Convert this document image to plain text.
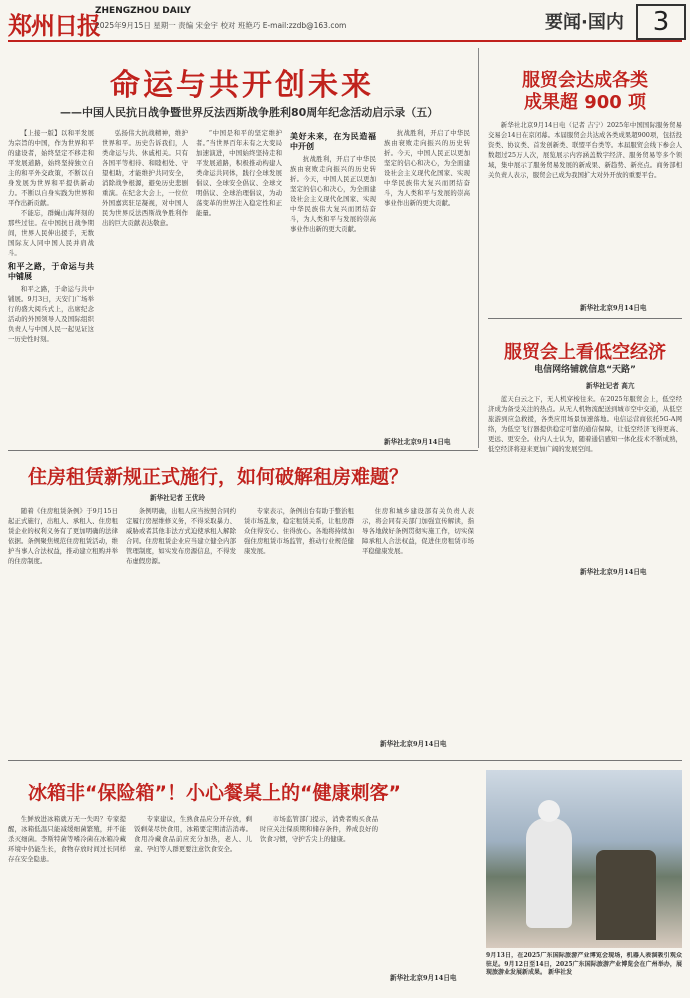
郑州日报
ZHENGZHOU DAILY
2025年9月15日 星期一 责编 宋金宇 校对 班艳巧 E-mail:zzdb@163.com	要闻·国内	3
命运与共开创未来
——中国人民抗日战争暨世界反法西斯战争胜利80周年纪念活动启示录（五）

【上接一版】以和平发展为宗旨的中国，作为世界和平的建设者，始终坚定不移走和平发展道路，始终坚持独立自主的和平外交政策，不断以自身发展为世界和平提供新动力。不断以自身实践为世界和平作出新贡献。

不能忘，群蝇山海拜刻的那些过往。在中国抗日战争期间，世界人民伸出援手，无数国际友人同中国人民并肩战斗。

和平之路，于命运与共中铺展

和平之路，于命运与共中铺展。9月3日，天安门广场举行的盛大阅兵式上，出席纪念活动的外国领导人及国际组织负责人与中国人民一起见证这一历史性时刻。

弘扬伟大抗战精神，维护世界和平。历史告诉我们，人类命运与共、休戚相关。只有各国平等相待、和睦相处、守望相助，才能维护共同安全，消除战争根源，避免历史悲剧重演。在纪念大会上，一位位外国嘉宾驻足凝视，对中国人民为世界反法西斯战争胜利作出的巨大贡献表达敬意。

“中国是和平的坚定维护者。”当世界百年未有之大变局加速演进，中国始终坚持走和平发展道路，积极推动构建人类命运共同体，践行全球发展倡议、全球安全倡议、全球文明倡议、全球治理倡议，为动荡变革的世界注入稳定性和正能量。

美好未来，在为民造福中开创

抗战胜利，开启了中华民族由衰败走向振兴的历史转折。今天，中国人民正以更加坚定的信心和决心，为全面建设社会主义现代化国家、实现中华民族伟大复兴而团结奋斗，为人类和平与发展的崇高事业作出新的更大贡献。

抗战胜利，开启了中华民族由衰败走向振兴的历史转折。今天，中国人民正以更加坚定的信心和决心，为全面建设社会主义现代化国家、实现中华民族伟大复兴而团结奋斗，为人类和平与发展的崇高事业作出新的更大贡献。

新华社北京9月14日电
服贸会达成各类
成果超 900 项

新华社北京9月14日电（记者 吉宁）2025年中国国际服务贸易交易会14日在京闭幕。本届服贸会共达成各类成果超900项，包括投资类、协议类、首发创新类、联盟平台类等。本届服贸会线下参会人数超过25万人次，展览展示内容涵盖数字经济、服务贸易等多个领域，集中展示了服务贸易发展的新成果、新趋势、新亮点。商务部相关负责人表示，服贸会已成为我国扩大对外开放的重要平台。

新华社北京9月14日电
服贸会上看低空经济
电信网络铺就信息“天路”
新华社记者 高亢

蓝天白云之下，无人机穿梭往来。在2025年服贸会上，低空经济成为备受关注的热点。从无人机物流配送到城市空中交通，从低空旅游到应急救援，各类应用场景加速落地。电信运营商依托5G-A网络，为低空飞行器提供稳定可靠的通信保障，让低空经济飞得更高、更远、更安全。业内人士认为，随着通信感知一体化技术不断成熟，低空经济将迎来更加广阔的发展空间。

新华社北京9月14日电
住房租赁新规正式施行，如何破解租房难题？
新华社记者 王优玲

随着《住房租赁条例》于9月15日起正式施行，出租人、承租人、住房租赁企业的权利义务有了更加明确的法律依据。条例聚焦规范住房租赁活动，维护当事人合法权益，推动建立租购并举的住房制度。

条例明确，出租人应当按照合同约定履行房屋维修义务，不得采取暴力、威胁或者其他非法方式迫使承租人解除合同。住房租赁企业应当建立健全内部管理制度，如实发布房源信息，不得发布虚假房源。

专家表示，条例出台有助于整治租赁市场乱象，稳定租赁关系，让租房群众住得安心、住得放心。各地将持续加强住房租赁市场监管，推动行业规范健康发展。

住房和城乡建设部有关负责人表示，将会同有关部门加强宣传解读，指导各地做好条例贯彻实施工作，切实保障承租人合法权益，促进住房租赁市场平稳健康发展。

新华社北京9月14日电
冰箱非“保险箱”！小心餐桌上的“健康刺客”

生鲜放进冰箱就万无一失吗？专家提醒，冰箱低温只能减缓细菌繁殖，并不能杀灭细菌。李斯特菌等嗜冷菌在冰箱冷藏环境中仍能生长，食物存放时间过长同样存在安全隐患。

专家建议，生熟食品应分开存放，剩饭剩菜尽快食用，冰箱要定期清洁消毒。食用冷藏食品前应充分加热，老人、儿童、孕妇等人群更要注意饮食安全。

市场监管部门提示，消费者购买食品时应关注保质期和储存条件，养成良好的饮食习惯，守护舌尖上的健康。

新华社北京9月14日电
9月13日，在2025广东国际旅游产业博览会现场，机器人表演吸引观众驻足。9月12日至14日，2025广东国际旅游产业博览会在广州举办，展现旅游业发展新成果。 新华社发
